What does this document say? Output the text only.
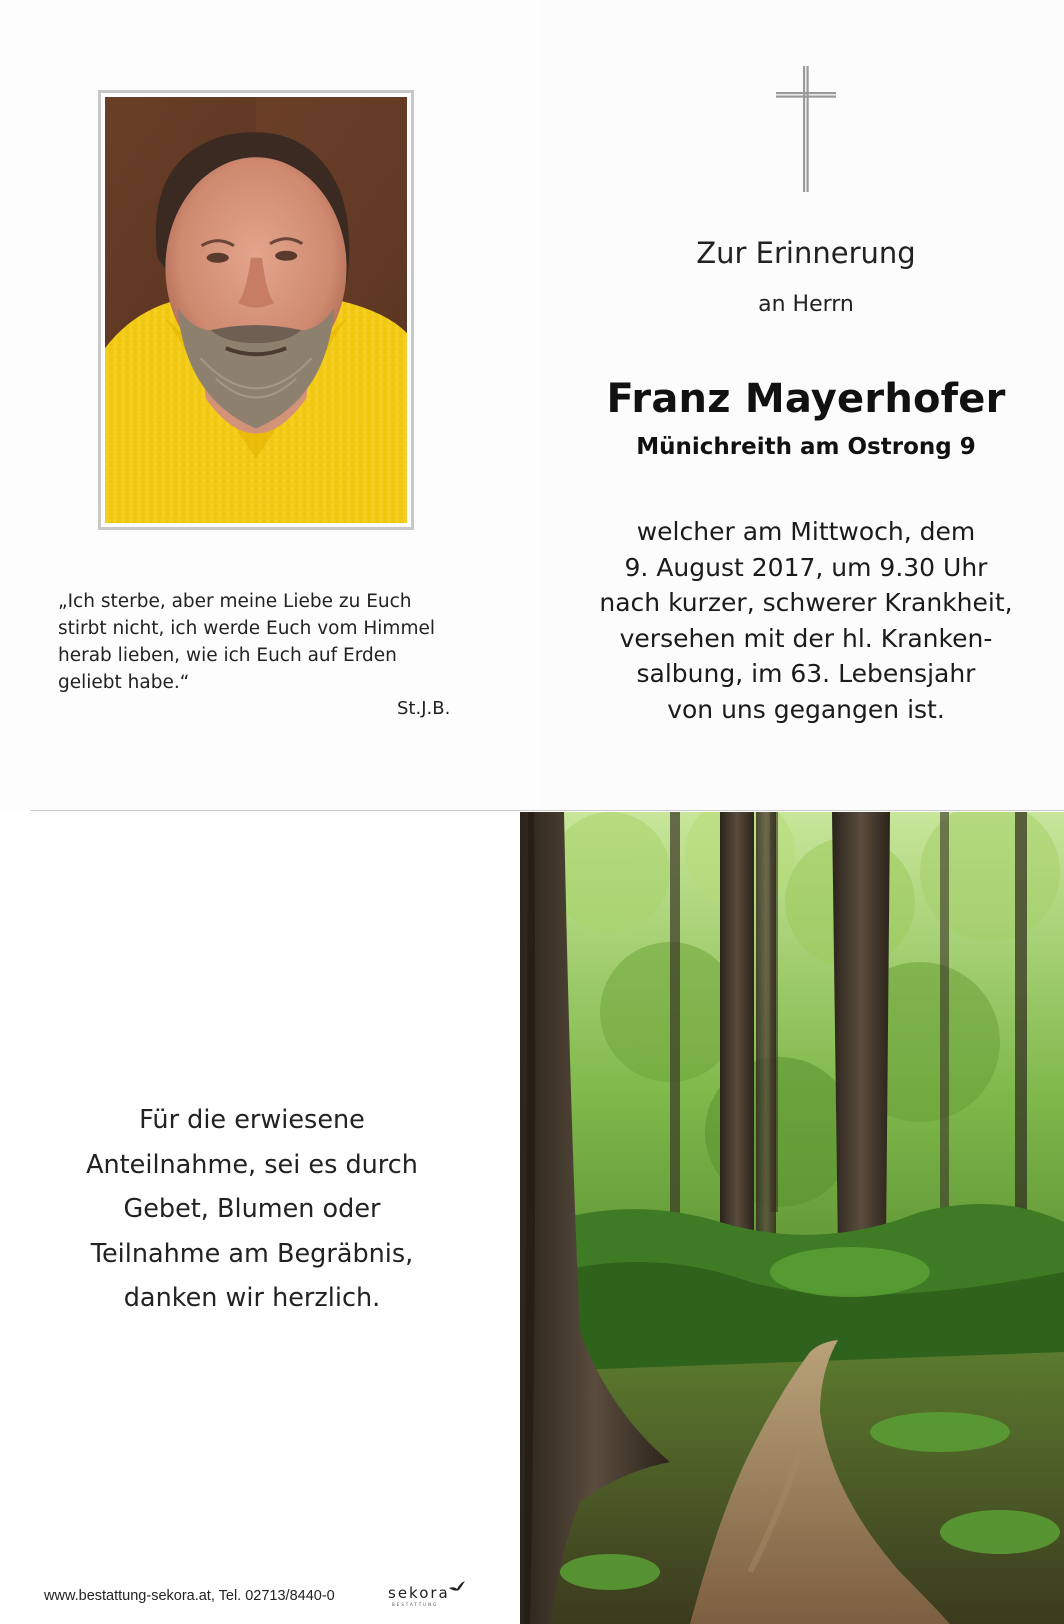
„Ich sterbe, aber meine Liebe zu Euch
stirbt nicht, ich werde Euch vom Himmel
herab lieben, wie ich Euch auf Erden
geliebt habe.“
St.J.B.
Zur Erinnerung
an Herrn
Franz Mayerhofer
Münichreith am Ostrong 9
welcher am Mittwoch, dem
9. August 2017, um 9.30 Uhr
nach kurzer, schwerer Krankheit,
versehen mit der hl. Kranken-
salbung, im 63. Lebensjahr
von uns gegangen ist.
Für die erwiesene
Anteilnahme, sei es durch
Gebet, Blumen oder
Teilnahme am Begräbnis,
danken wir herzlich.
www.bestattung-sekora.at, Tel. 02713/8440-0	sekora
BESTATTUNG
